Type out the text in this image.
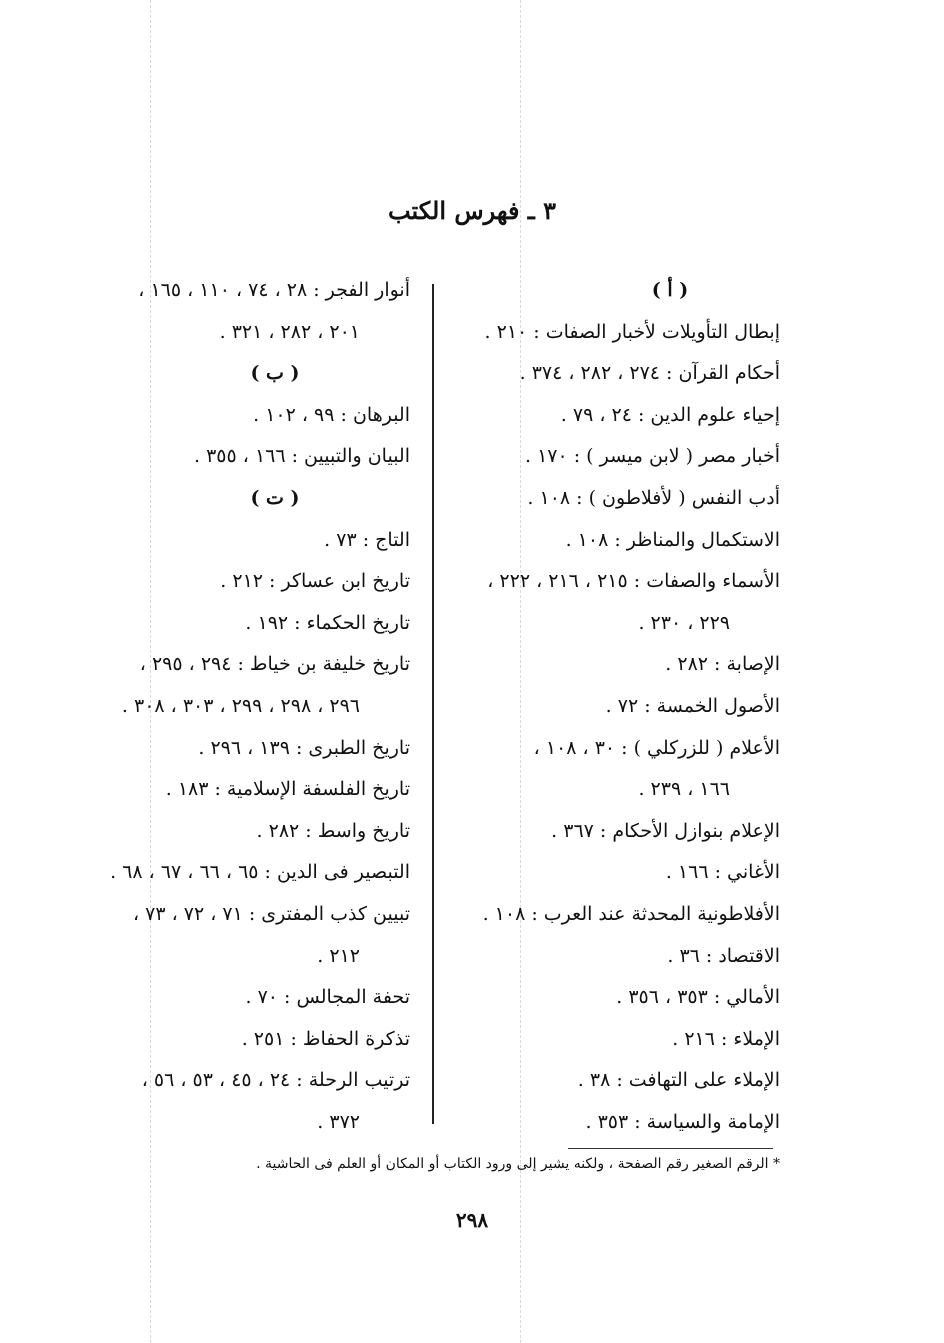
٣ ـ فهرس الكتب
( أ )
إبطال التأويلات لأخبار الصفات : ٢١٠ .
أحكام القرآن : ٢٧٤ ، ٢٨٢ ، ٣٧٤ .
إحياء علوم الدين : ٢٤ ، ٧٩ .
أخبار مصر ( لابن ميسر ) : ١٧٠ .
أدب النفس ( لأفلاطون ) : ١٠٨ .
الاستكمال والمناظر : ١٠٨ .
الأسماء والصفات : ٢١٥ ، ٢١٦ ، ٢٢٢ ،
٢٢٩ ، ٢٣٠ .
الإصابة : ٢٨٢ .
الأصول الخمسة : ٧٢ .
الأعلام ( للزركلي ) : ٣٠ ، ١٠٨ ،
١٦٦ ، ٢٣٩ .
الإعلام بنوازل الأحكام : ٣٦٧ .
الأغاني : ١٦٦ .
الأفلاطونية المحدثة عند العرب : ١٠٨ .
الاقتصاد : ٣٦ .
الأمالي : ٣٥٣ ، ٣٥٦ .
الإملاء : ٢١٦ .
الإملاء على التهافت : ٣٨ .
الإمامة والسياسة : ٣٥٣ .
أنوار الفجر : ٢٨ ، ٧٤ ، ١١٠ ، ١٦٥ ،
٢٠١ ، ٢٨٢ ، ٣٢١ .
( ب )
البرهان : ٩٩ ، ١٠٢ .
البيان والتبيين : ١٦٦ ، ٣٥٥ .
( ت )
التاج : ٧٣ .
تاريخ ابن عساكر : ٢١٢ .
تاريخ الحكماء : ١٩٢ .
تاريخ خليفة بن خياط : ٢٩٤ ، ٢٩٥ ،
٢٩٦ ، ٢٩٨ ، ٢٩٩ ، ٣٠٣ ، ٣٠٨ .
تاريخ الطبرى : ١٣٩ ، ٢٩٦ .
تاريخ الفلسفة الإسلامية : ١٨٣ .
تاريخ واسط : ٢٨٢ .
التبصير فى الدين : ٦٥ ، ٦٦ ، ٦٧ ، ٦٨ .
تبيين كذب المفترى : ٧١ ، ٧٢ ، ٧٣ ،
٢١٢ .
تحفة المجالس : ٧٠ .
تذكرة الحفاظ : ٢٥١ .
ترتيب الرحلة : ٢٤ ، ٤٥ ، ٥٣ ، ٥٦ ،
٣٧٢ .
* الرقم الصغير رقم الصفحة ، ولكنه يشير إلى ورود الكتاب أو المكان أو العلم فى الحاشية .
٢٩٨
